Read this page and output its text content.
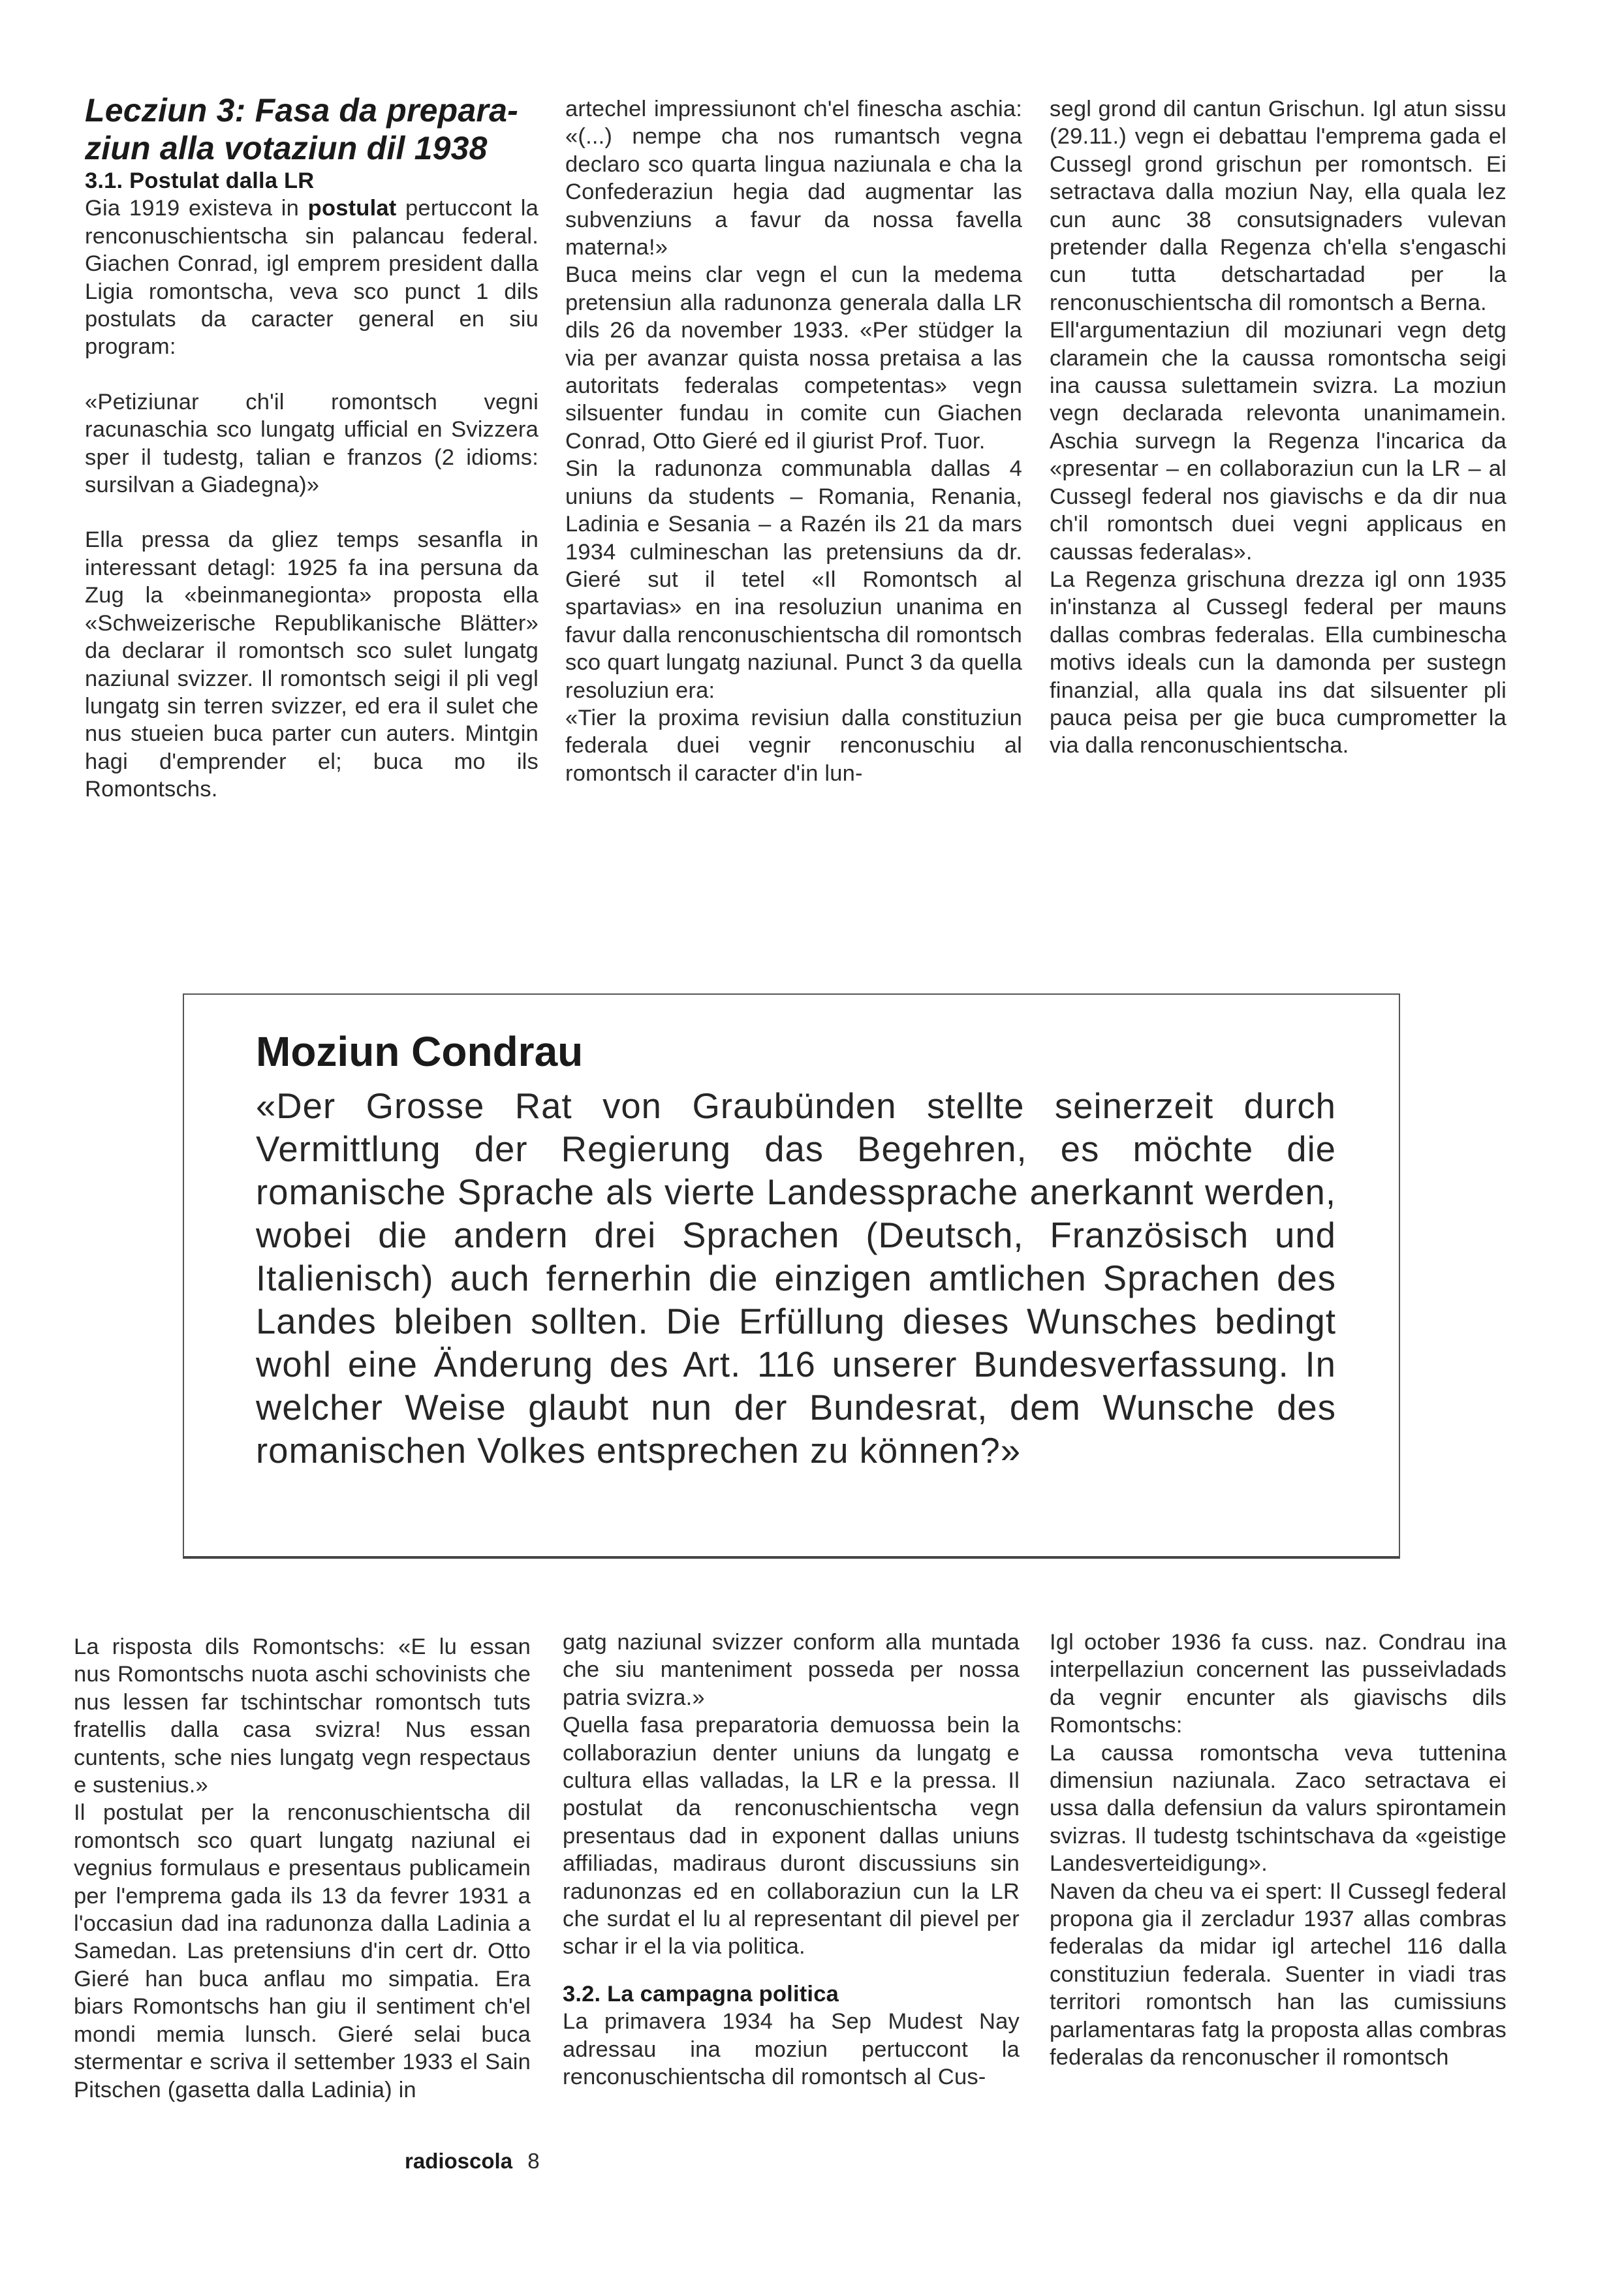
Lecziun 3: Fasa da prepara-ziun alla votaziun dil 1938

3.1. Postulat dalla LR

Gia 1919 existeva in postulat pertuccont la renconuschientscha sin palancau federal. Giachen Conrad, igl emprem president dalla Ligia romontscha, veva sco punct 1 dils postulats da caracter general en siu program:

«Petiziunar ch'il romontsch vegni racunaschia sco lungatg ufficial en Svizzera sper il tudestg, talian e franzos (2 idioms: sursilvan a Giadegna)»

Ella pressa da gliez temps sesanfla in interessant detagl: 1925 fa ina persuna da Zug la «beinmanegionta» proposta ella «Schweizerische Republikanische Blätter» da declarar il romontsch sco sulet lungatg naziunal svizzer. Il romontsch seigi il pli vegl lungatg sin terren svizzer, ed era il sulet che nus stueien buca parter cun auters. Mintgin hagi d'emprender el; buca mo ils Romontschs.

artechel impressiunont ch'el fineschа aschia: «(...) nempe cha nos rumantsch vegna declaro sco quarta lingua naziunala e cha la Confederaziun hegia dad augmentar las subvenziuns a favur da nossa favella materna!»

Buca meins clar vegn el cun la medema pretensiun alla radunonza generala dalla LR dils 26 da november 1933. «Per stüdger la via per avanzar quista nossa pretaisa a las autoritats federalas competentas» vegn silsuenter fundau in comite cun Giachen Conrad, Otto Gieré ed il giurist Prof. Tuor.

Sin la radunonza communabla dallas 4 uniuns da students – Romania, Renania, Ladinia e Sesania – a Razén ils 21 da mars 1934 culmineschan las pretensiuns da dr. Gieré sut il tetel «Il Romontsch al spartavias» en ina resoluziun unanima en favur dalla renconuschientscha dil romontsch sco quart lungatg naziunal. Punct 3 da quella resoluziun era:

«Tier la proxima revisiun dalla constituziun federala duei vegnir renconuschiu al romontsch il caracter d'in lun-

segl grond dil cantun Grischun. Igl atun sissu (29.11.) vegn ei debattau l'emprema gada el Cussegl grond grischun per romontsch. Ei setractava dalla moziun Nay, ella quala lez cun aunc 38 consutsignaders vulevan pretender dalla Regenza ch'ella s'engaschi cun tutta detschartadad per la renconuschientscha dil romontsch a Berna.

Ell'argumentaziun dil moziunari vegn detg claramein che la caussa romontscha seigi ina caussa sulettamein svizra. La moziun vegn declarada relevonta unanimamein. Aschia survegn la Regenza l'incarica da «presentar – en collaboraziun cun la LR – al Cussegl federal nos giavischs e da dir nua ch'il romontsch duei vegni applicaus en caussas federalas».

La Regenza grischuna drezza igl onn 1935 in'instanza al Cussegl federal per mauns dallas combras federalas. Ella cumbinescha motivs ideals cun la damonda per sustegn finanzial, alla quala ins dat silsuenter pli pauca peisa per gie buca cumprometter la via dalla renconuschientscha.

Moziun Condrau

«Der Grosse Rat von Graubünden stellte seinerzeit durch Vermittlung der Regierung das Begehren, es möchte die romanische Sprache als vierte Landessprache anerkannt werden, wobei die andern drei Sprachen (Deutsch, Französisch und Italienisch) auch fernerhin die einzigen amtlichen Sprachen des Landes bleiben sollten. Die Erfüllung dieses Wunsches bedingt wohl eine Änderung des Art. 116 unserer Bundesverfassung. In welcher Weise glaubt nun der Bundesrat, dem Wunsche des romanischen Volkes entsprechen zu können?»

La risposta dils Romontschs: «E lu essan nus Romontschs nuota aschi schovinists che nus lessen far tschintschar romontsch tuts fratellis dalla casa svizra! Nus essan cuntents, sche nies lungatg vegn respectaus e sustenius.»

Il postulat per la renconuschientscha dil romontsch sco quart lungatg naziunal ei vegnius formulaus e presentaus publicamein per l'emprema gada ils 13 da fevrer 1931 a l'occasiun dad ina radunonza dalla Ladinia a Samedan. Las pretensiuns d'in cert dr. Otto Gieré han buca anflau mo simpatia. Era biars Romontschs han giu il sentiment ch'el mondi memia lunsch. Gieré selai buca stermentar e scriva il settember 1933 el Sain Pitschen (gasetta dalla Ladinia) in

gatg naziunal svizzer conform alla muntada che siu manteniment posseda per nossa patria svizra.»

Quella fasa preparatoria demuossa bein la collaboraziun denter uniuns da lungatg e cultura ellas valladas, la LR e la pressa. Il postulat da renconuschientscha vegn presentaus dad in exponent dallas uniuns affiliadas, madiraus duront discussiuns sin radunonzas ed en collaboraziun cun la LR che surdat el lu al representant dil pievel per schar ir el la via politica.

3.2. La campagna politica

La primavera 1934 ha Sep Mudest Nay adressau ina moziun pertuccont la renconuschientscha dil romontsch al Cus-

Igl october 1936 fa cuss. naz. Condrau ina interpellaziun concernent las pusseivladads da vegnir encunter als giavischs dils Romontschs:

La caussa romontscha veva tuttenina dimensiun naziunala. Zaco setractava ei ussa dalla defensiun da valurs spirontamein svizras. Il tudestg tschintschava da «geistige Landesverteidigung».

Naven da cheu va ei spert: Il Cussegl federal propona gia il zercladur 1937 allas combras federalas da midar igl artechel 116 dalla constituziun federala. Suenter in viadi tras territori romontsch han las cumissiuns parlamentaras fatg la proposta allas combras federalas da renconuscher il romontsch

radioscola 8
